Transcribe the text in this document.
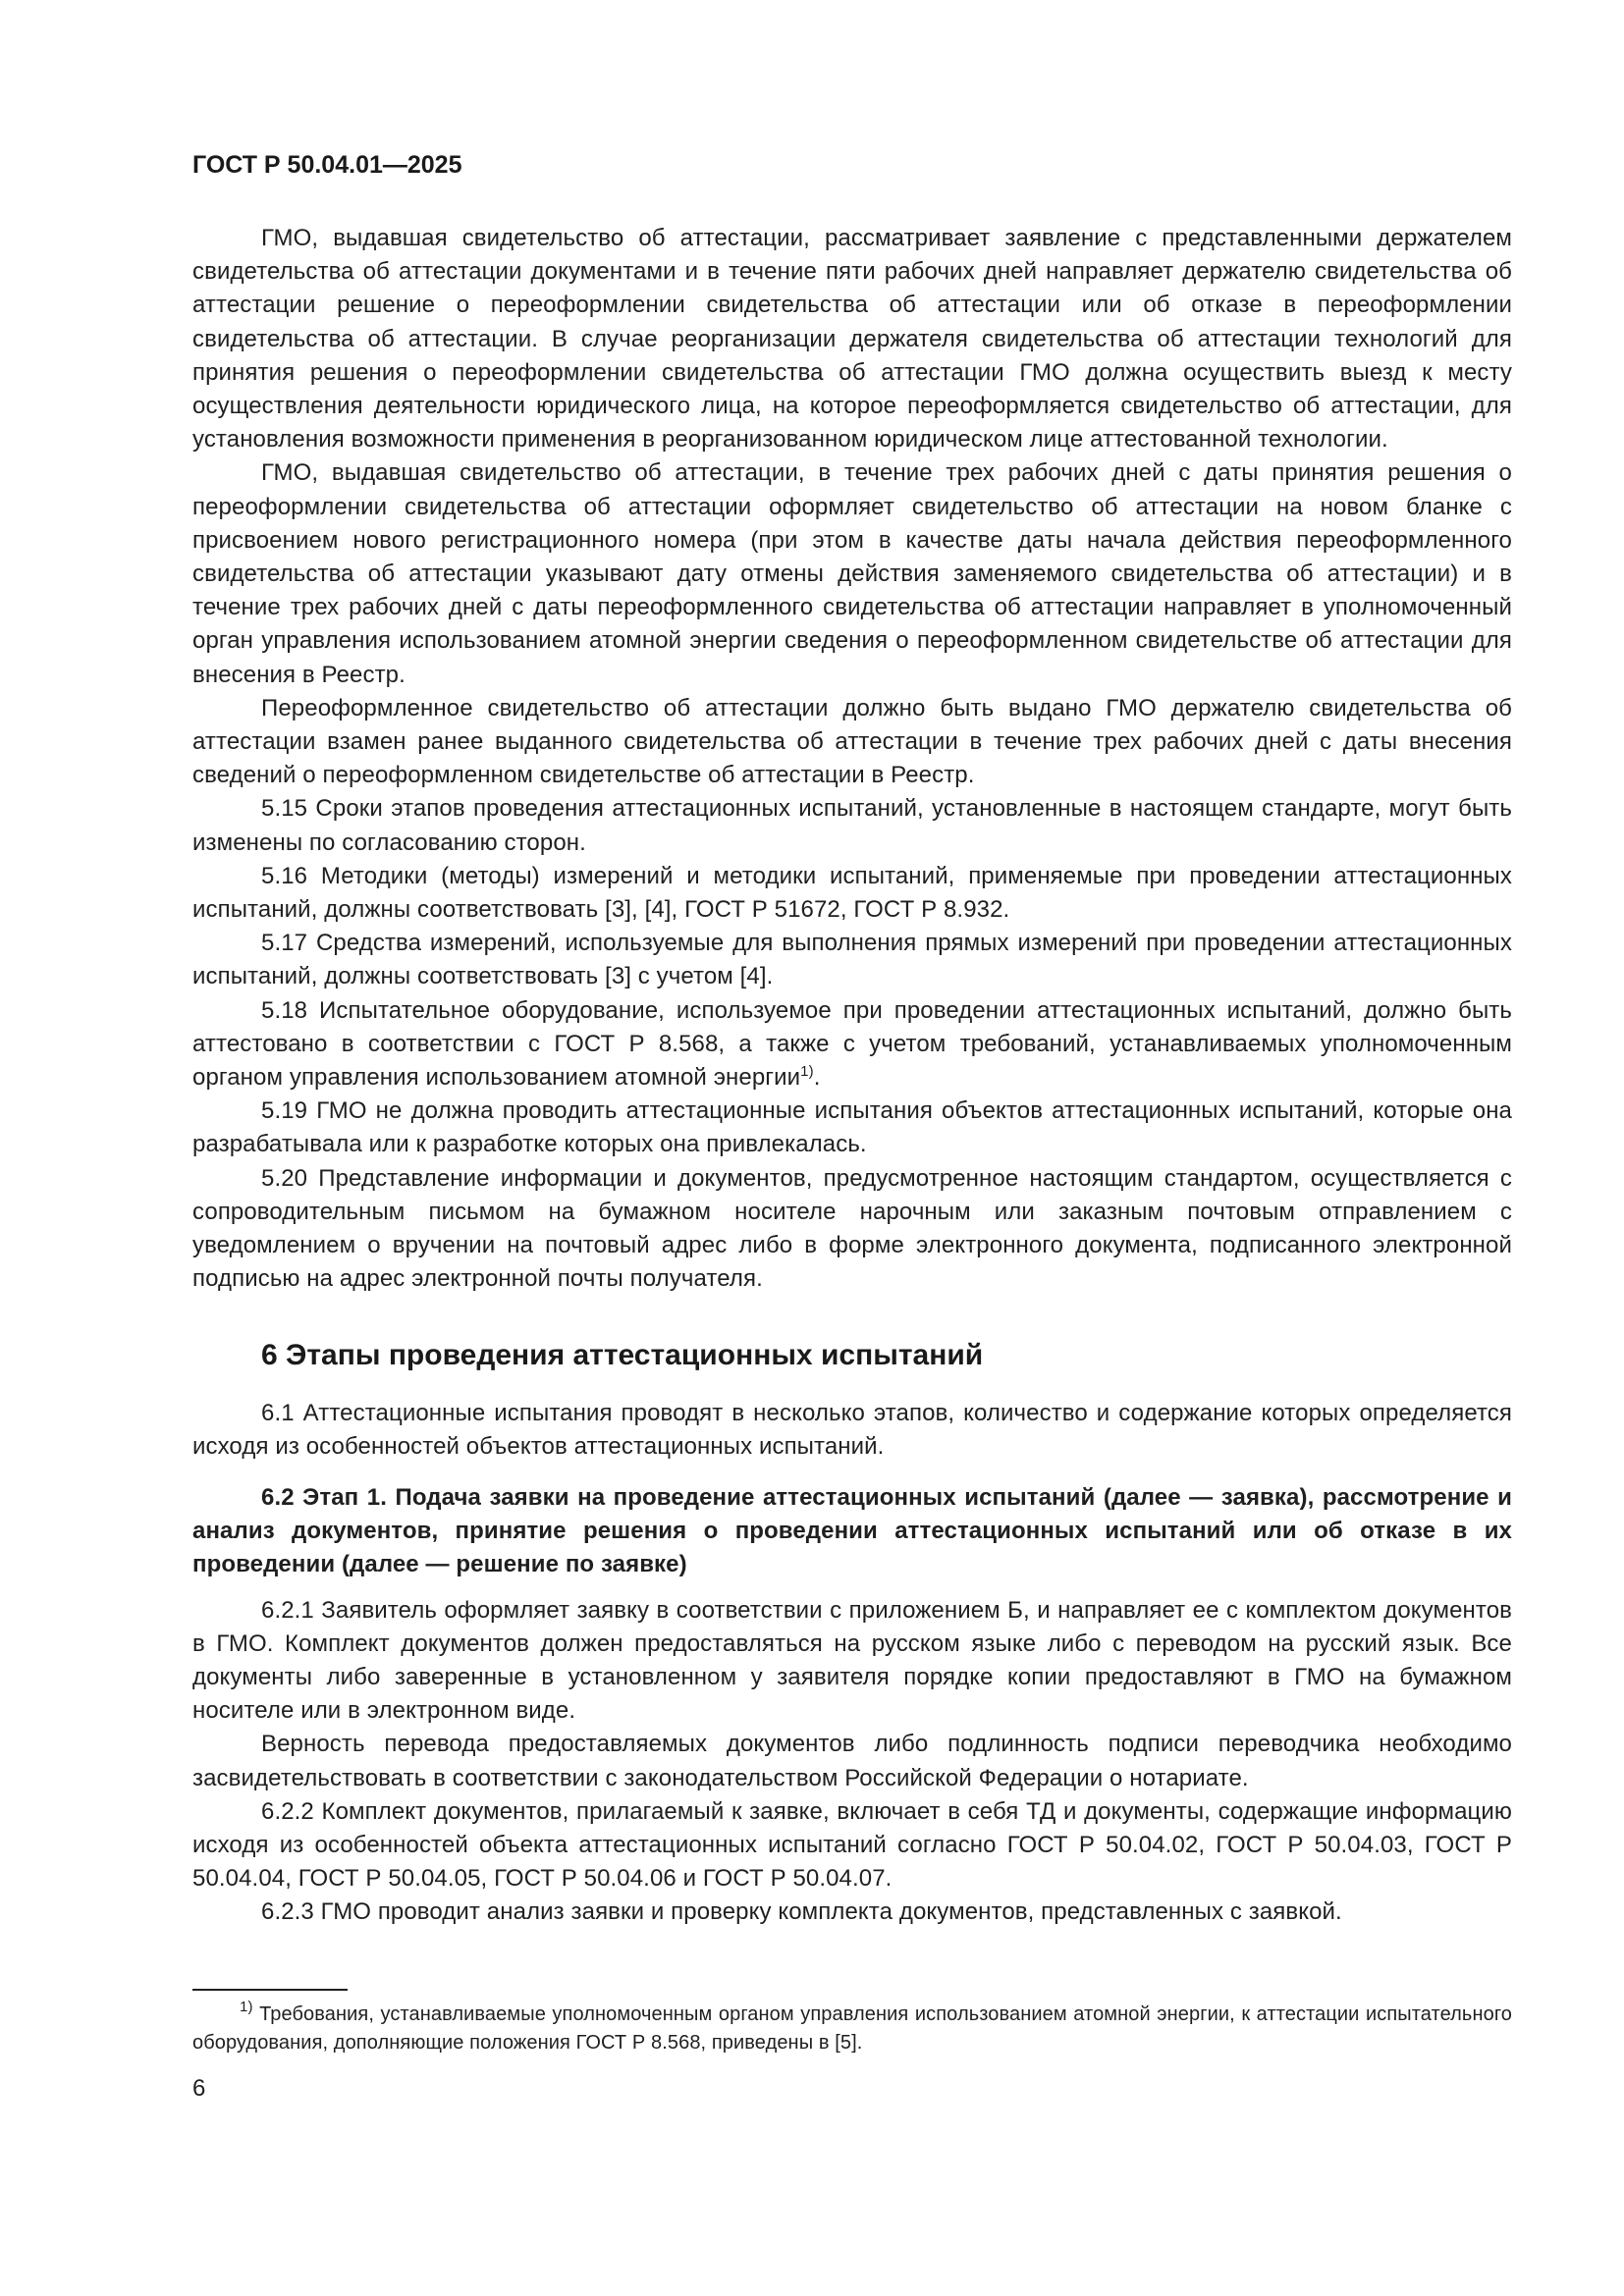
ГОСТ Р 50.04.01—2025

ГМО, выдавшая свидетельство об аттестации, рассматривает заявление с представленными держателем свидетельства об аттестации документами и в течение пяти рабочих дней направляет держателю свидетельства об аттестации решение о переоформлении свидетельства об аттестации или об отказе в переоформлении свидетельства об аттестации. В случае реорганизации держателя свидетельства об аттестации технологий для принятия решения о переоформлении свидетельства об аттестации ГМО должна осуществить выезд к месту осуществления деятельности юридического лица, на которое переоформляется свидетельство об аттестации, для установления возможности применения в реорганизованном юридическом лице аттестованной технологии.

ГМО, выдавшая свидетельство об аттестации, в течение трех рабочих дней с даты принятия решения о переоформлении свидетельства об аттестации оформляет свидетельство об аттестации на новом бланке с присвоением нового регистрационного номера (при этом в качестве даты начала действия переоформленного свидетельства об аттестации указывают дату отмены действия заменяемого свидетельства об аттестации) и в течение трех рабочих дней с даты переоформленного свидетельства об аттестации направляет в уполномоченный орган управления использованием атомной энергии сведения о переоформленном свидетельстве об аттестации для внесения в Реестр.

Переоформленное свидетельство об аттестации должно быть выдано ГМО держателю свидетельства об аттестации взамен ранее выданного свидетельства об аттестации в течение трех рабочих дней с даты внесения сведений о переоформленном свидетельстве об аттестации в Реестр.

5.15 Сроки этапов проведения аттестационных испытаний, установленные в настоящем стандарте, могут быть изменены по согласованию сторон.

5.16 Методики (методы) измерений и методики испытаний, применяемые при проведении аттестационных испытаний, должны соответствовать [3], [4], ГОСТ Р 51672, ГОСТ Р 8.932.

5.17 Средства измерений, используемые для выполнения прямых измерений при проведении аттестационных испытаний, должны соответствовать [3] с учетом [4].

5.18 Испытательное оборудование, используемое при проведении аттестационных испытаний, должно быть аттестовано в соответствии с ГОСТ Р 8.568, а также с учетом требований, устанавливаемых уполномоченным органом управления использованием атомной энергии$^{1)}$.

5.19 ГМО не должна проводить аттестационные испытания объектов аттестационных испытаний, которые она разрабатывала или к разработке которых она привлекалась.

5.20 Представление информации и документов, предусмотренное настоящим стандартом, осуществляется с сопроводительным письмом на бумажном носителе нарочным или заказным почтовым отправлением с уведомлением о вручении на почтовый адрес либо в форме электронного документа, подписанного электронной подписью на адрес электронной почты получателя.

6 Этапы проведения аттестационных испытаний

6.1 Аттестационные испытания проводят в несколько этапов, количество и содержание которых определяется исходя из особенностей объектов аттестационных испытаний.

6.2 Этап 1. Подача заявки на проведение аттестационных испытаний (далее — заявка), рассмотрение и анализ документов, принятие решения о проведении аттестационных испытаний или об отказе в их проведении (далее — решение по заявке)

6.2.1 Заявитель оформляет заявку в соответствии с приложением Б, и направляет ее с комплектом документов в ГМО. Комплект документов должен предоставляться на русском языке либо с переводом на русский язык. Все документы либо заверенные в установленном у заявителя порядке копии предоставляют в ГМО на бумажном носителе или в электронном виде.

Верность перевода предоставляемых документов либо подлинность подписи переводчика необходимо засвидетельствовать в соответствии с законодательством Российской Федерации о нотариате.

6.2.2 Комплект документов, прилагаемый к заявке, включает в себя ТД и документы, содержащие информацию исходя из особенностей объекта аттестационных испытаний согласно ГОСТ Р 50.04.02, ГОСТ Р 50.04.03, ГОСТ Р 50.04.04, ГОСТ Р 50.04.05, ГОСТ Р 50.04.06 и ГОСТ Р 50.04.07.

6.2.3 ГМО проводит анализ заявки и проверку комплекта документов, представленных с заявкой.

$^{1)}$ Требования, устанавливаемые уполномоченным органом управления использованием атомной энергии, к аттестации испытательного оборудования, дополняющие положения ГОСТ Р 8.568, приведены в [5].

6
